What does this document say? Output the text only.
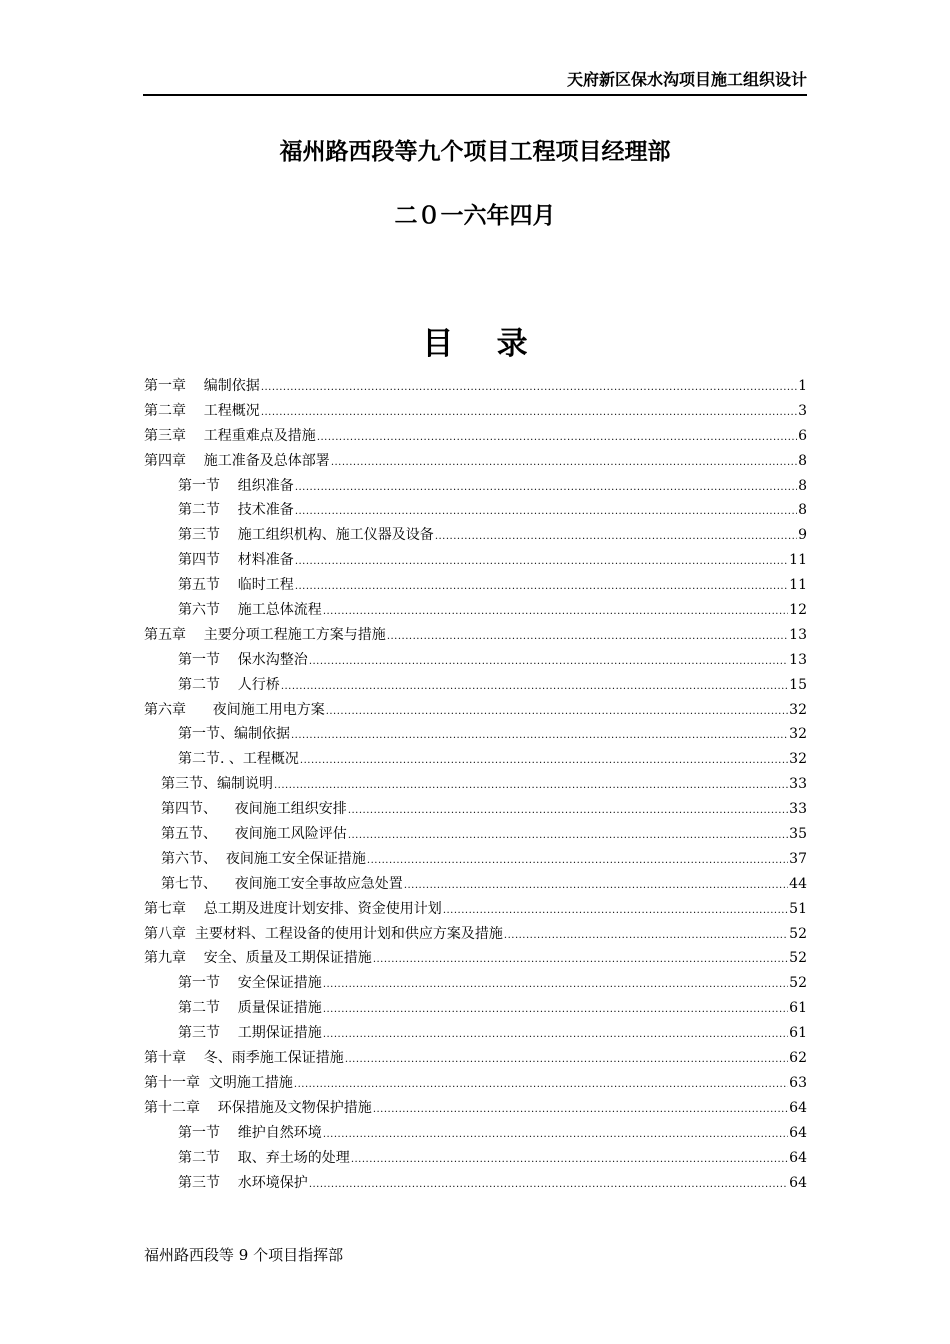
天府新区保水沟项目施工组织设计
福州路西段等九个项目工程项目经理部
二０一六年四月
目    录
第一章    编制依据 .....	1
第二章    工程概况 .....	3
第三章    工程重难点及措施 .....	6
第四章    施工准备及总体部署 .....	8
第一节    组织准备 .....	8
第二节    技术准备 .....	8
第三节    施工组织机构、施工仪器及设备 .....	9
第四节    材料准备 .....	11
第五节    临时工程 .....	11
第六节    施工总体流程 .....	12
第五章    主要分项工程施工方案与措施 .....	13
第一节    保水沟整治 .....	13
第二节    人行桥 .....	15
第六章      夜间施工用电方案 .....	32
第一节、编制依据 .....	32
第二节. 、工程概况 .....	32
第三节、编制说明 .....	33
第四节、    夜间施工组织安排 .....	33
第五节、    夜间施工风险评估 .....	35
第六节、  夜间施工安全保证措施 .....	37
第七节、    夜间施工安全事故应急处置 .....	44
第七章    总工期及进度计划安排、资金使用计划 .....	51
第八章  主要材料、工程设备的使用计划和供应方案及措施 .....	52
第九章    安全、质量及工期保证措施 .....	52
第一节    安全保证措施 .....	52
第二节    质量保证措施 .....	61
第三节    工期保证措施 .....	61
第十章    冬、雨季施工保证措施 .....	62
第十一章  文明施工措施 .....	63
第十二章    环保措施及文物保护措施 .....	64
第一节    维护自然环境 .....	64
第二节    取、弃土场的处理 .....	64
第三节    水环境保护 .....	64
福州路西段等 9 个项目指挥部
